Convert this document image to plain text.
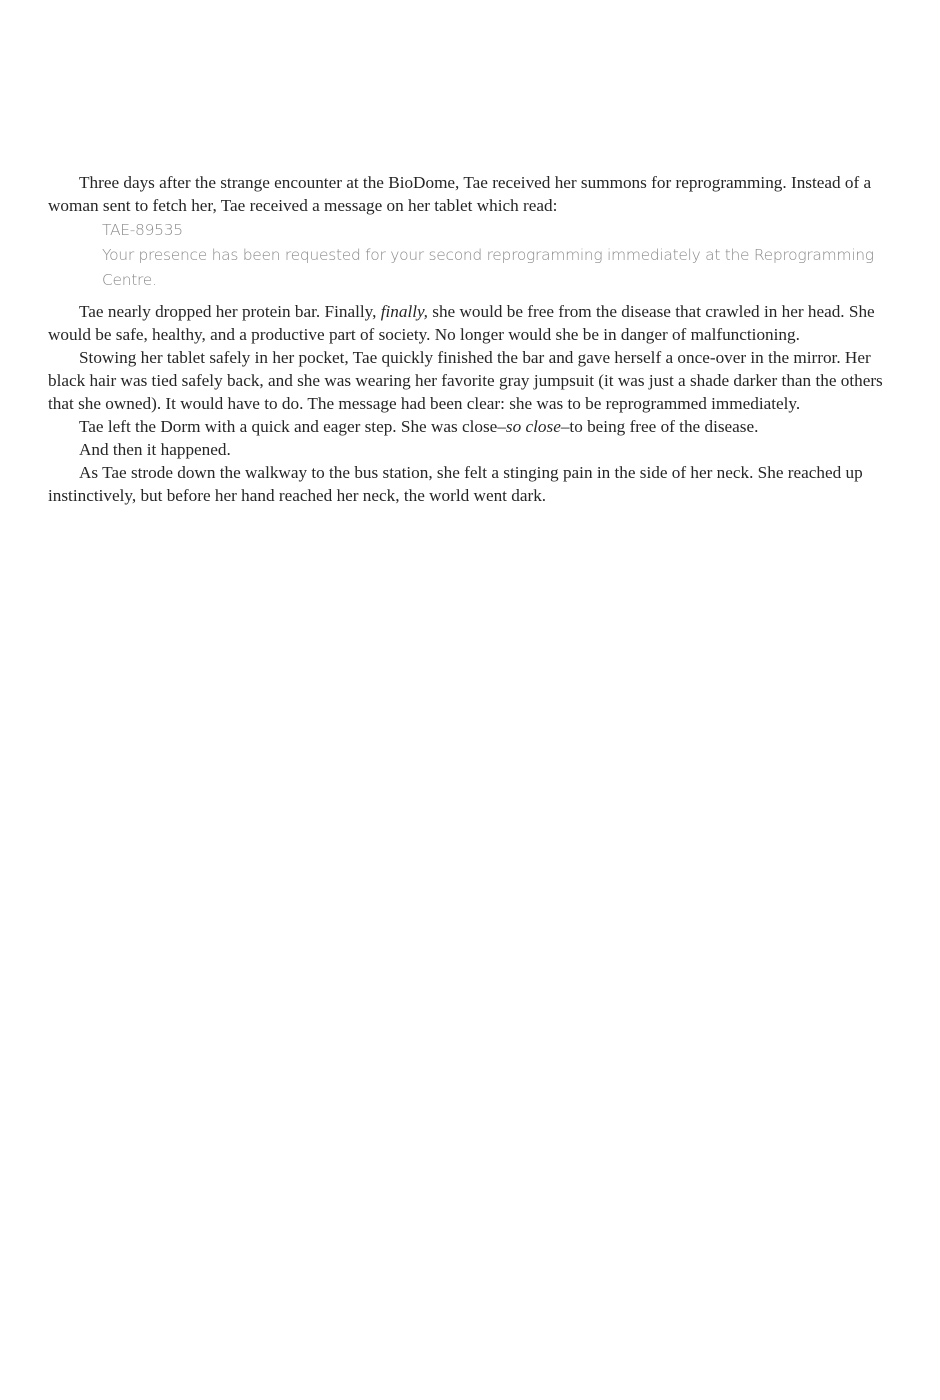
Three days after the strange encounter at the BioDome, Tae received her summons for reprogramming. Instead of a woman sent to fetch her, Tae received a message on her tablet which read:

TAE-89535
Your presence has been requested for your second reprogramming immediately at the Reprogramming Centre.

Tae nearly dropped her protein bar. Finally, finally, she would be free from the disease that crawled in her head. She would be safe, healthy, and a productive part of society. No longer would she be in danger of malfunctioning.

Stowing her tablet safely in her pocket, Tae quickly finished the bar and gave herself a once-over in the mirror. Her black hair was tied safely back, and she was wearing her favorite gray jumpsuit (it was just a shade darker than the others that she owned). It would have to do. The message had been clear: she was to be reprogrammed immediately.

Tae left the Dorm with a quick and eager step. She was close–so close–to being free of the disease.

And then it happened.

As Tae strode down the walkway to the bus station, she felt a stinging pain in the side of her neck. She reached up instinctively, but before her hand reached her neck, the world went dark.
